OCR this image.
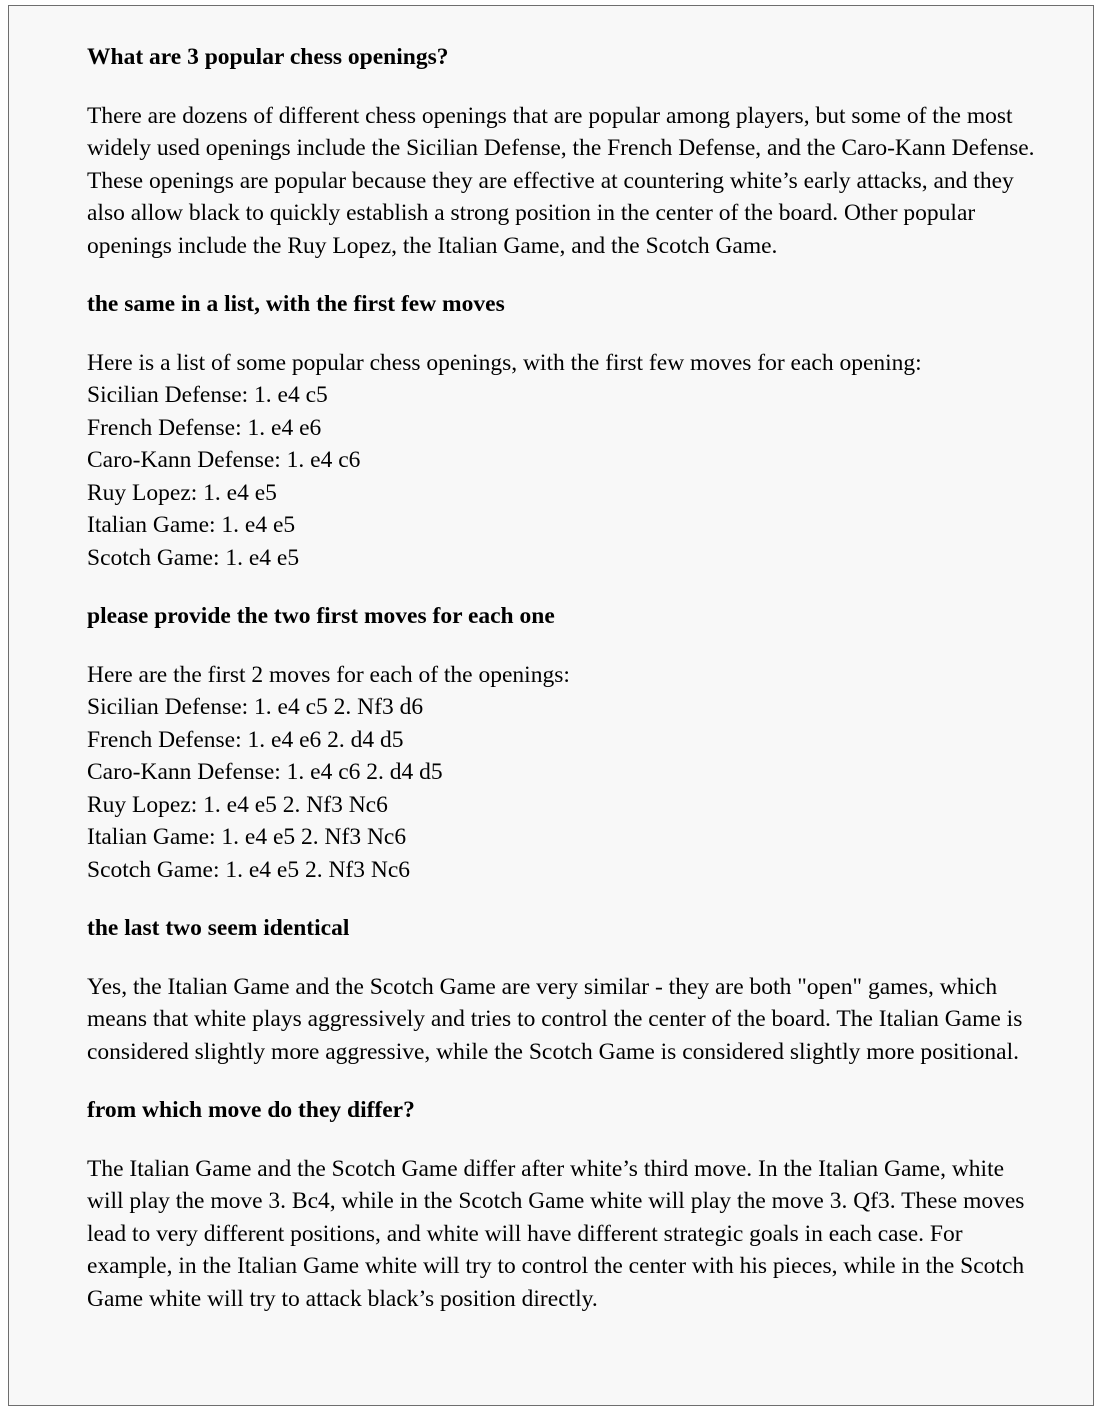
What are 3 popular chess openings?

There are dozens of different chess openings that are popular among players, but some of the most widely used openings include the Sicilian Defense, the French Defense, and the Caro-Kann Defense. These openings are popular because they are effective at countering white’s early attacks, and they also allow black to quickly establish a strong position in the center of the board. Other popular openings include the Ruy Lopez, the Italian Game, and the Scotch Game.

the same in a list, with the first few moves

Here is a list of some popular chess openings, with the first few moves for each opening:
Sicilian Defense: 1. e4 c5
French Defense: 1. e4 e6
Caro-Kann Defense: 1. e4 c6
Ruy Lopez: 1. e4 e5
Italian Game: 1. e4 e5
Scotch Game: 1. e4 e5

please provide the two first moves for each one

Here are the first 2 moves for each of the openings:
Sicilian Defense: 1. e4 c5 2. Nf3 d6
French Defense: 1. e4 e6 2. d4 d5
Caro-Kann Defense: 1. e4 c6 2. d4 d5
Ruy Lopez: 1. e4 e5 2. Nf3 Nc6
Italian Game: 1. e4 e5 2. Nf3 Nc6
Scotch Game: 1. e4 e5 2. Nf3 Nc6

the last two seem identical

Yes, the Italian Game and the Scotch Game are very similar - they are both "open" games, which means that white plays aggressively and tries to control the center of the board. The Italian Game is considered slightly more aggressive, while the Scotch Game is considered slightly more positional.

from which move do they differ?

The Italian Game and the Scotch Game differ after white’s third move. In the Italian Game, white will play the move 3. Bc4, while in the Scotch Game white will play the move 3. Qf3. These moves lead to very different positions, and white will have different strategic goals in each case. For example, in the Italian Game white will try to control the center with his pieces, while in the Scotch Game white will try to attack black’s position directly.
